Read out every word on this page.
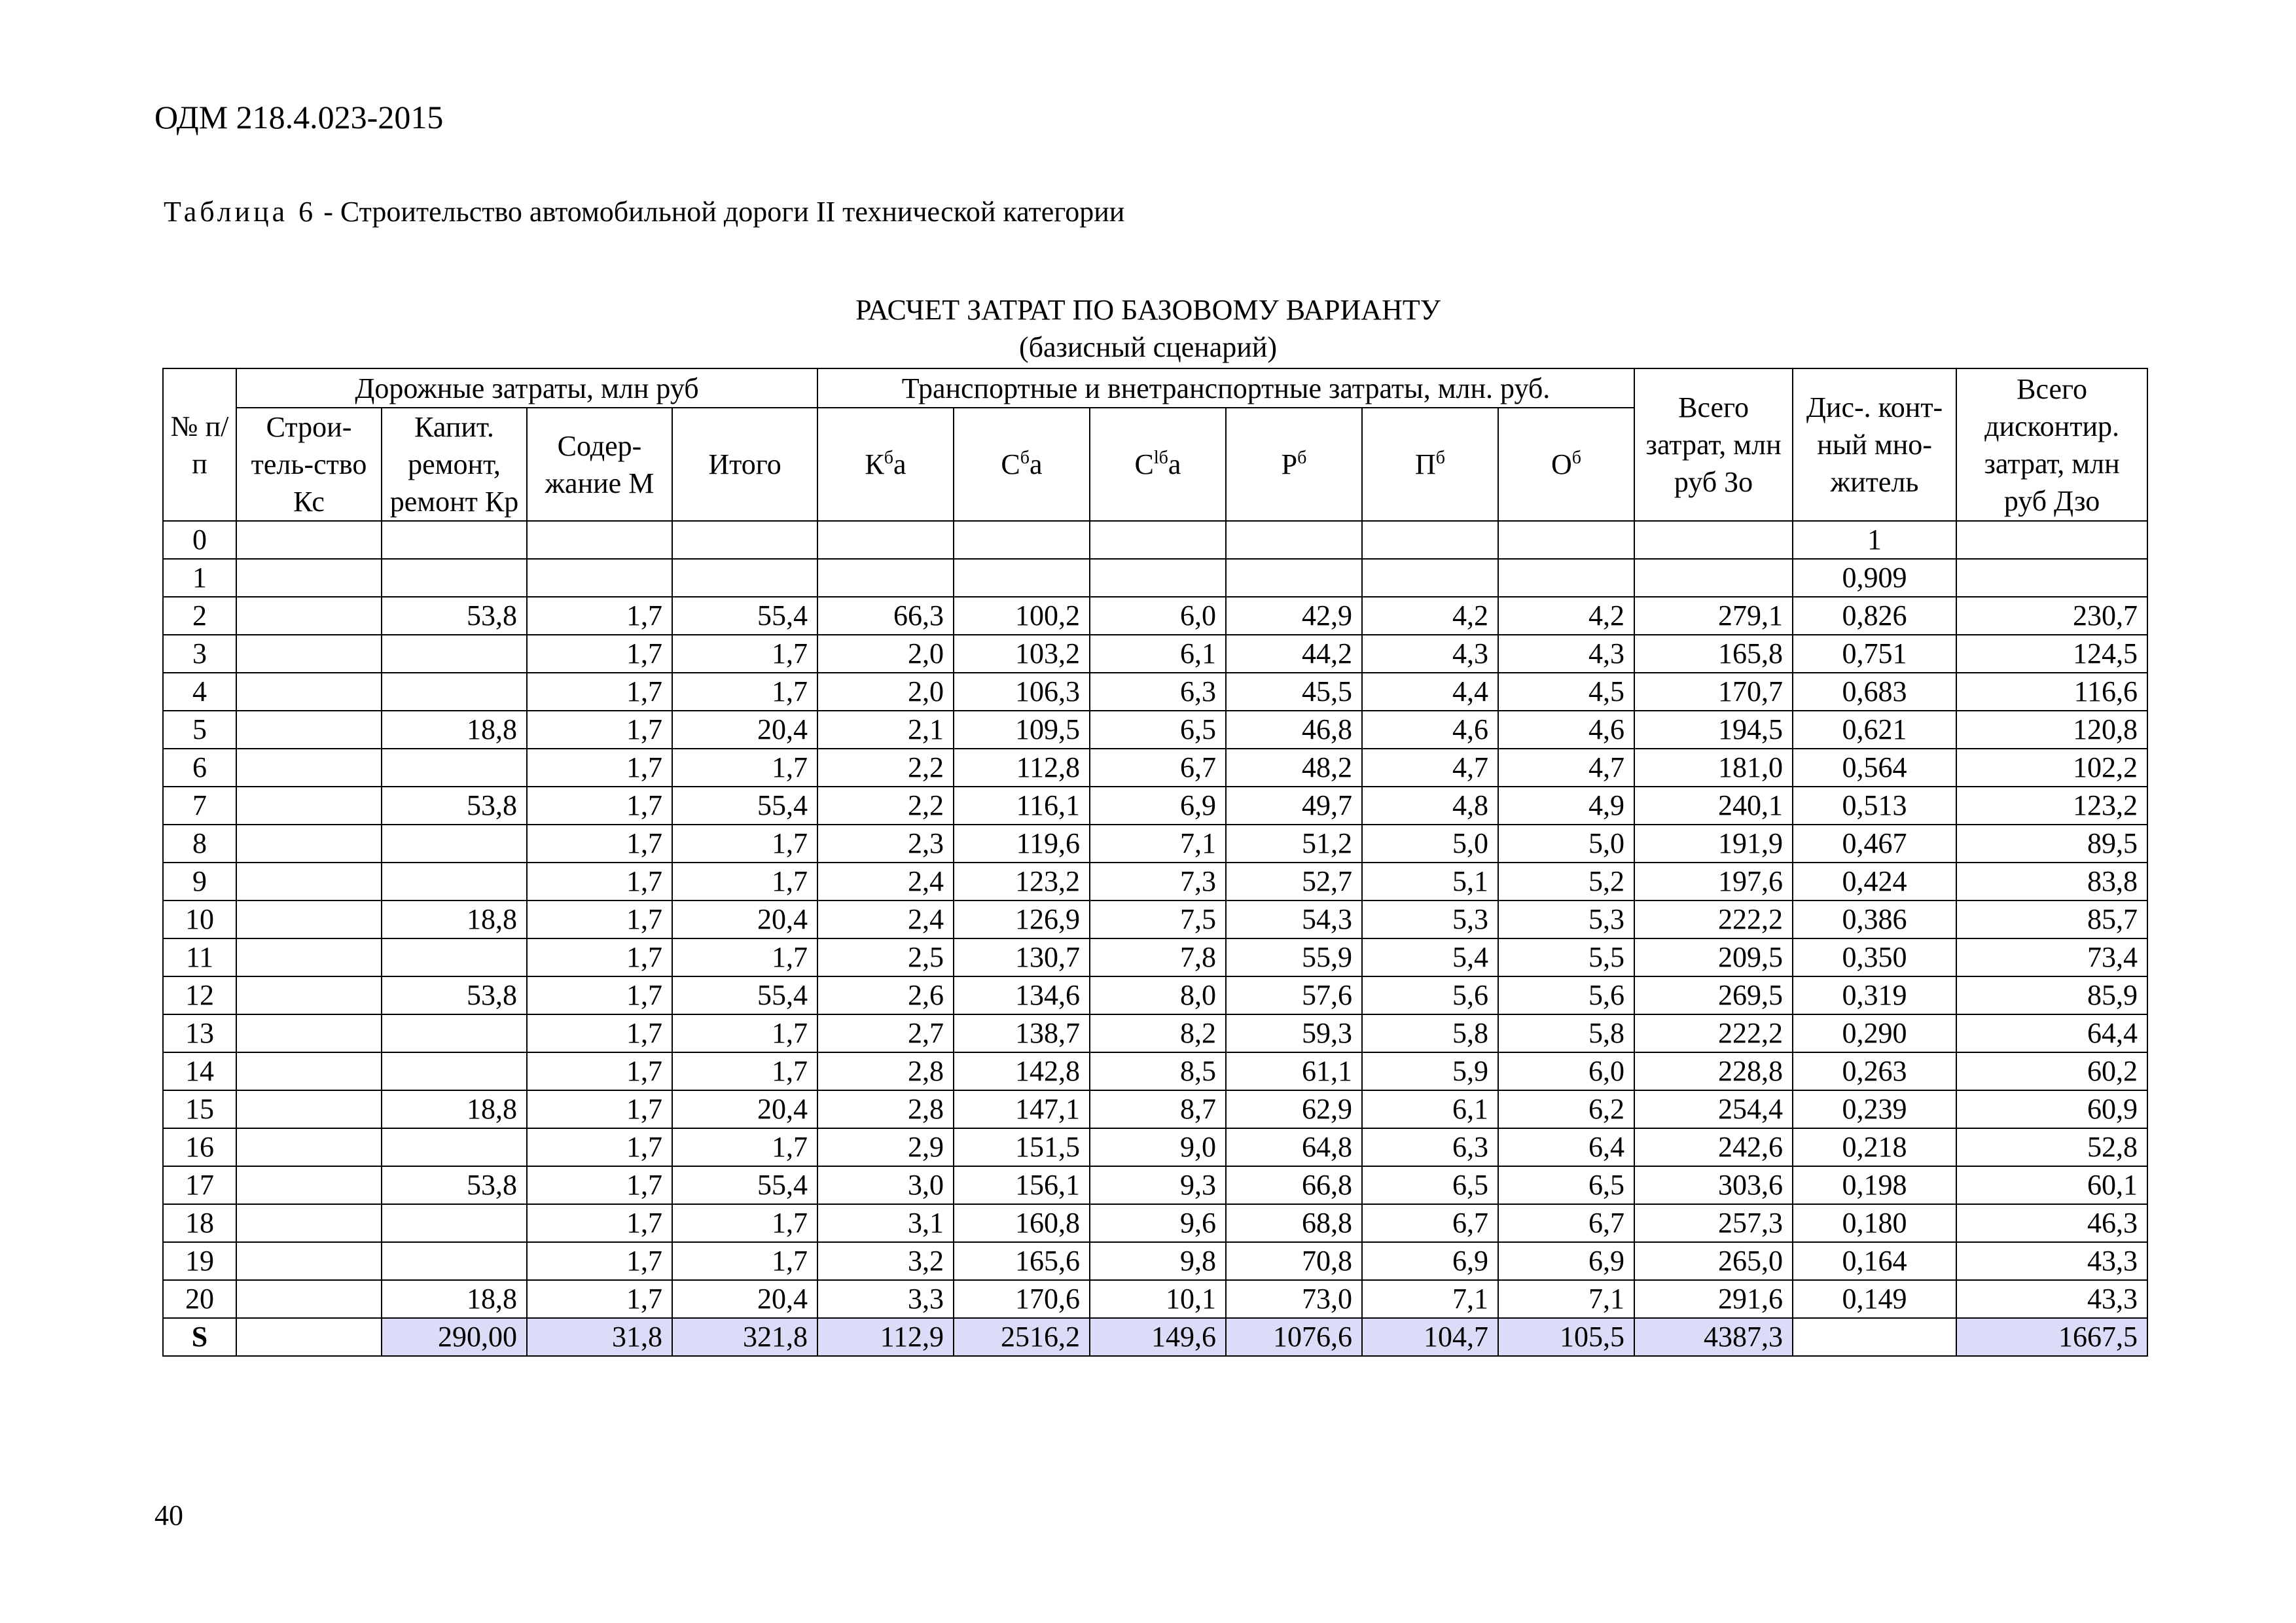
ОДМ 218.4.023-2015
Таблица 6 - Строительство автомобильной дороги II технической категории
РАСЧЕТ ЗАТРАТ ПО БАЗОВОМУ ВАРИАНТУ
(базисный сценарий)
№ п/п	Дорожные затраты, млн руб				Транспортные и внетранспортные затраты, млн. руб.						Всего затрат, млн руб Зо	Дис-. конт-ный мно-житель	Всего дисконтир. затрат, млн руб Дзо
	Строи-тель-ство Кс	Капит. ремонт, ремонт Кр	Содер-жание М	Итого									
					$К^ба$	$С^ба$	$С^{lб}а$	$Р^б$	$П^б$	$О^б$
0												1	
1												0,909	
2		53,8	1,7	55,4	66,3	100,2	6,0	42,9	4,2	4,2	279,1	0,826	230,7
3			1,7	1,7	2,0	103,2	6,1	44,2	4,3	4,3	165,8	0,751	124,5
4			1,7	1,7	2,0	106,3	6,3	45,5	4,4	4,5	170,7	0,683	116,6
5		18,8	1,7	20,4	2,1	109,5	6,5	46,8	4,6	4,6	194,5	0,621	120,8
6			1,7	1,7	2,2	112,8	6,7	48,2	4,7	4,7	181,0	0,564	102,2
7		53,8	1,7	55,4	2,2	116,1	6,9	49,7	4,8	4,9	240,1	0,513	123,2
8			1,7	1,7	2,3	119,6	7,1	51,2	5,0	5,0	191,9	0,467	89,5
9			1,7	1,7	2,4	123,2	7,3	52,7	5,1	5,2	197,6	0,424	83,8
10		18,8	1,7	20,4	2,4	126,9	7,5	54,3	5,3	5,3	222,2	0,386	85,7
11			1,7	1,7	2,5	130,7	7,8	55,9	5,4	5,5	209,5	0,350	73,4
12		53,8	1,7	55,4	2,6	134,6	8,0	57,6	5,6	5,6	269,5	0,319	85,9
13			1,7	1,7	2,7	138,7	8,2	59,3	5,8	5,8	222,2	0,290	64,4
14			1,7	1,7	2,8	142,8	8,5	61,1	5,9	6,0	228,8	0,263	60,2
15		18,8	1,7	20,4	2,8	147,1	8,7	62,9	6,1	6,2	254,4	0,239	60,9
16			1,7	1,7	2,9	151,5	9,0	64,8	6,3	6,4	242,6	0,218	52,8
17		53,8	1,7	55,4	3,0	156,1	9,3	66,8	6,5	6,5	303,6	0,198	60,1
18			1,7	1,7	3,1	160,8	9,6	68,8	6,7	6,7	257,3	0,180	46,3
19			1,7	1,7	3,2	165,6	9,8	70,8	6,9	6,9	265,0	0,164	43,3
20		18,8	1,7	20,4	3,3	170,6	10,1	73,0	7,1	7,1	291,6	0,149	43,3
S		290,00	31,8	321,8	112,9	2516,2	149,6	1076,6	104,7	105,5	4387,3		1667,5
40
